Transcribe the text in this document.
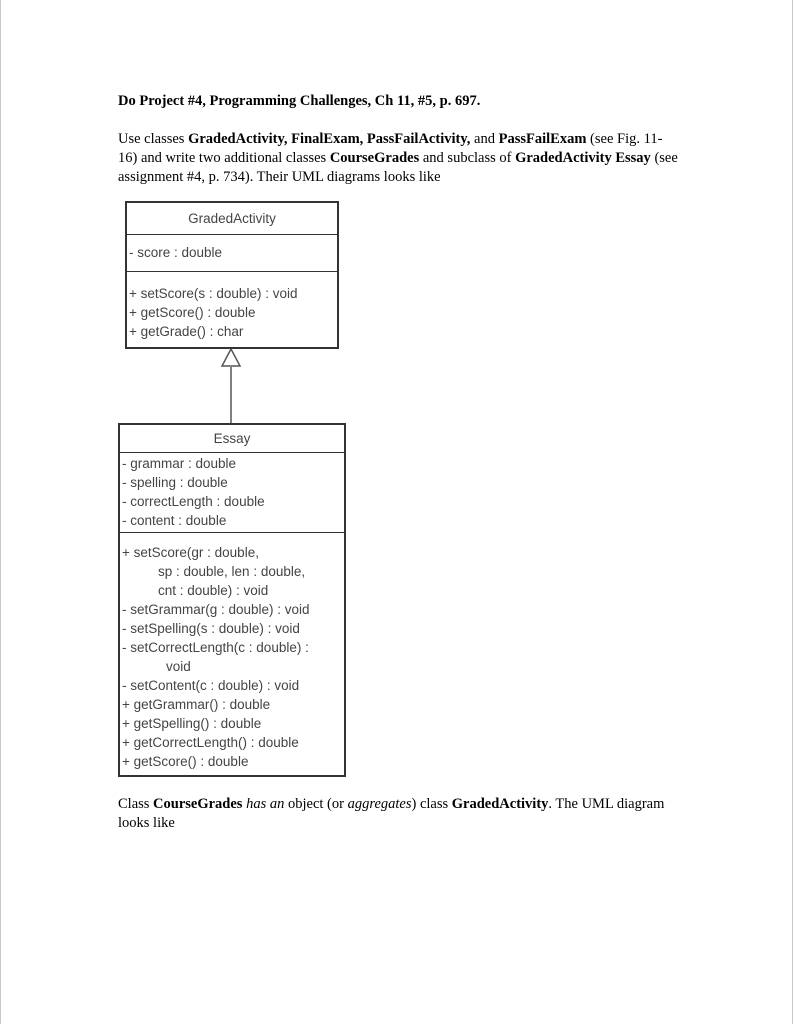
Do Project #4, Programming Challenges, Ch 11, #5, p. 697.
Use classes GradedActivity, FinalExam, PassFailActivity, and PassFailExam (see Fig. 11-16) and write two additional classes CourseGrades and subclass of GradedActivity Essay (see assignment #4, p. 734). Their UML diagrams looks like
GradedActivity
- score : double
+ setScore(s : double) : void
+ getScore() : double
+ getGrade() : char
Essay
- grammar : double
- spelling : double
- correctLength : double
- content : double
+ setScore(gr : double,
sp : double, len : double,
cnt : double) : void
- setGrammar(g : double) : void
- setSpelling(s : double) : void
- setCorrectLength(c : double) :
void
- setContent(c : double) : void
+ getGrammar() : double
+ getSpelling() : double
+ getCorrectLength() : double
+ getScore() : double
Class CourseGrades has an object (or aggregates) class GradedActivity. The UML diagram looks like
